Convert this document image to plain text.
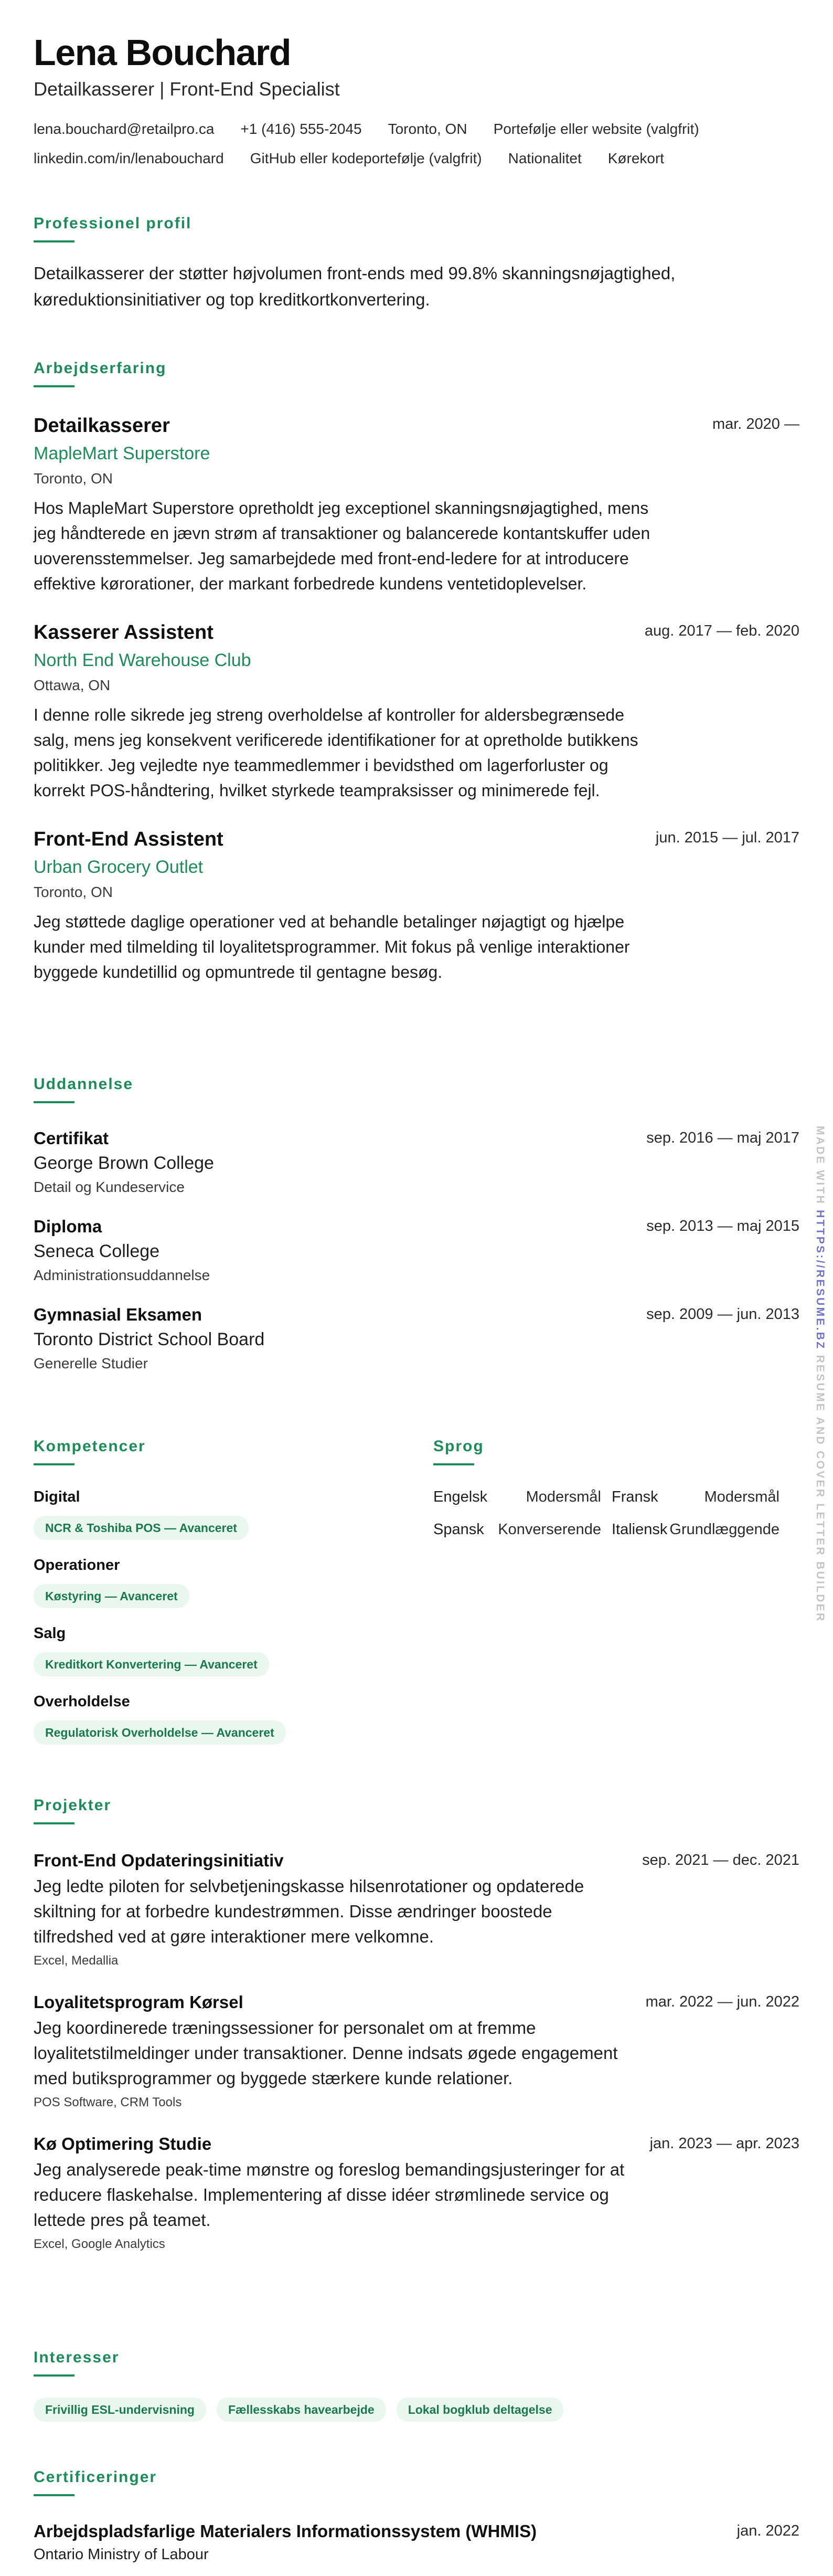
Lena Bouchard
Detailkasserer | Front-End Specialist
lena.bouchard@retailpro.ca +1 (416) 555-2045 Toronto, ON Portefølje eller website (valgfrit)
linkedin.com/in/lenabouchard GitHub eller kodeportefølje (valgfrit) Nationalitet Kørekort
Professionel profil
Detailkasserer der støtter højvolumen front-ends med 99.8% skanningsnøjagtighed, køreduktionsinitiativer og top kreditkortkonvertering.
Arbejdserfaring
Detailkasserer
MapleMart Superstore
Toronto, ON
Hos MapleMart Superstore opretholdt jeg exceptionel skanningsnøjagtighed, mens jeg håndterede en jævn strøm af transaktioner og balancerede kontantskuffer uden uoverensstemmelser. Jeg samarbejdede med front-end-ledere for at introducere effektive kørorationer, der markant forbedrede kundens ventetidoplevelser.
mar. 2020 —
Kasserer Assistent
North End Warehouse Club
Ottawa, ON
I denne rolle sikrede jeg streng overholdelse af kontroller for aldersbegrænsede salg, mens jeg konsekvent verificerede identifikationer for at opretholde butikkens politikker. Jeg vejledte nye teammedlemmer i bevidsthed om lagerforluster og korrekt POS-håndtering, hvilket styrkede teampraksisser og minimerede fejl.
aug. 2017 — feb. 2020
Front-End Assistent
Urban Grocery Outlet
Toronto, ON
Jeg støttede daglige operationer ved at behandle betalinger nøjagtigt og hjælpe kunder med tilmelding til loyalitetsprogrammer. Mit fokus på venlige interaktioner byggede kundetillid og opmuntrede til gentagne besøg.
jun. 2015 — jul. 2017
Uddannelse
Certifikat
George Brown College
Detail og Kundeservice
sep. 2016 — maj 2017
Diploma
Seneca College
Administrationsuddannelse
sep. 2013 — maj 2015
Gymnasial Eksamen
Toronto District School Board
Generelle Studier
sep. 2009 — jun. 2013
Kompetencer
Digital
NCR & Toshiba POS — Avanceret
Operationer
Køstyring — Avanceret
Salg
Kreditkort Konvertering — Avanceret
Overholdelse
Regulatorisk Overholdelse — Avanceret
Sprog
Engelsk	Modersmål Fransk	Modersmål
Spansk Konverserende Italiensk Grundlæggende
Projekter
Front-End Opdateringsinitiativ
Jeg ledte piloten for selvbetjeningskasse hilsenrotationer og opdaterede skiltning for at forbedre kundestrømmen. Disse ændringer boostede tilfredshed ved at gøre interaktioner mere velkomne.
Excel, Medallia
sep. 2021 — dec. 2021
Loyalitetsprogram Kørsel
Jeg koordinerede træningssessioner for personalet om at fremme loyalitetstilmeldinger under transaktioner. Denne indsats øgede engagement med butiksprogrammer og byggede stærkere kunde relationer.
POS Software, CRM Tools
mar. 2022 — jun. 2022
Kø Optimering Studie
Jeg analyserede peak-time mønstre og foreslog bemandingsjusteringer for at reducere flaskehalse. Implementering af disse idéer strømlinede service og lettede pres på teamet.
Excel, Google Analytics
jan. 2023 — apr. 2023
Interesser
Frivillig ESL-undervisning	Fællesskabs havearbejde	Lokal bogklub deltagelse
Certificeringer
Arbejdspladsfarlige Materialers Informationssystem (WHMIS)
Ontario Ministry of Labour
jan. 2022
MADE WITH HTTPS://RESUME.BZ RESUME AND COVER LETTER BUILDER
